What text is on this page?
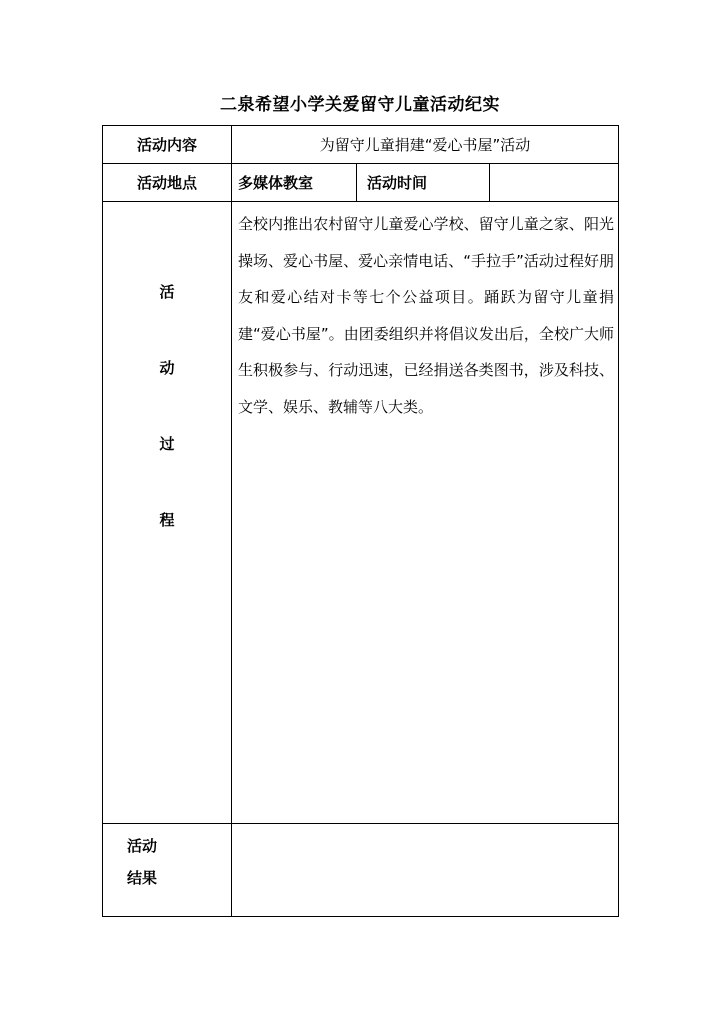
二泉希望小学关爱留守儿童活动纪实
活动内容	为留守儿童捐建“爱心书屋”活动		
活动地点	多媒体教室	活动时间	

活
动
过
程	全校内推出农村留守儿童爱心学校、留守儿童之家、阳光操场、爱心书屋、爱心亲情电话、“手拉手”活动过程好朋友和爱心结对卡等七个公益项目。踊跃为留守儿童捐建“爱心书屋”。由团委组织并将倡议发出后，全校广大师生积极参与、行动迅速，已经捐送各类图书，涉及科技、文学、娱乐、教辅等八大类。		

活动
结果			
